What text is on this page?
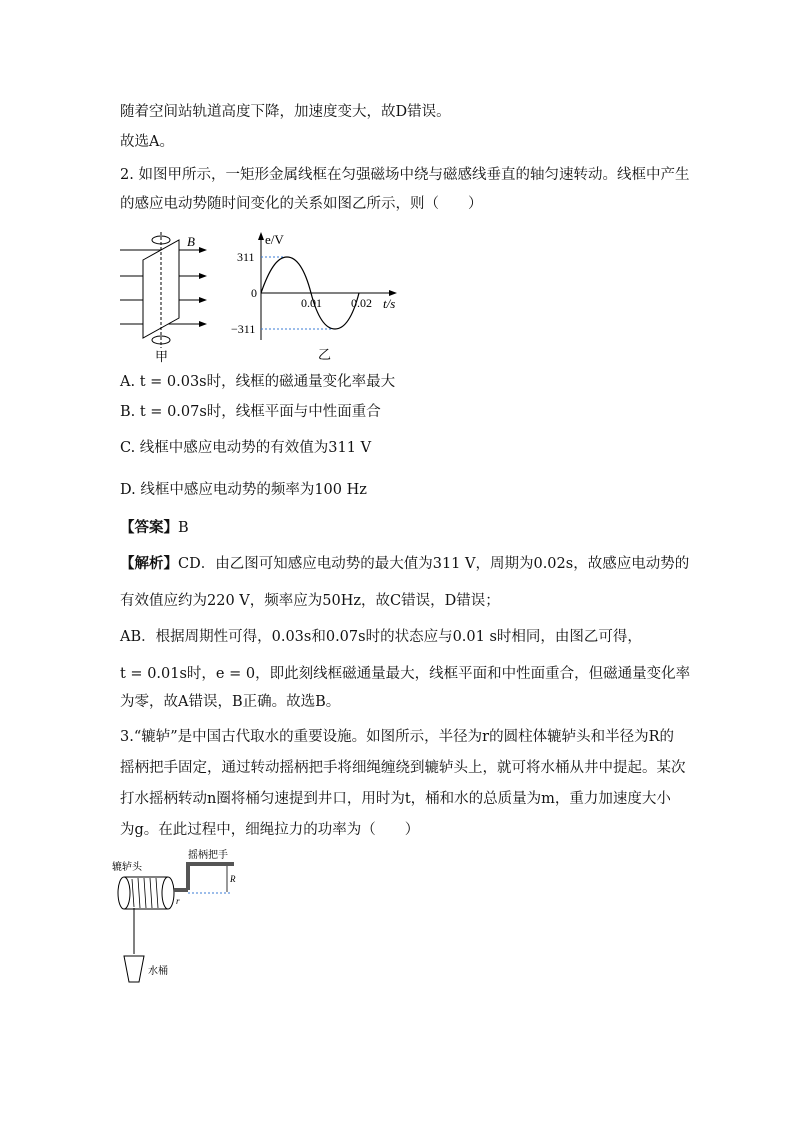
随着空间站轨道高度下降，加速度变大，故D错误。
故选A。
2. 如图甲所示，一矩形金属线框在匀强磁场中绕与磁感线垂直的轴匀速转动。线框中产生
的感应电动势随时间变化的关系如图乙所示，则（　　）
B
甲
e/V
t/s
0
311
−311
0.01 0.02
乙
A. t = 0.03s时，线框的磁通量变化率最大
B. t = 0.07s时，线框平面与中性面重合
C. 线框中感应电动势的有效值为311 V
D. 线框中感应电动势的频率为100 Hz
【答案】B
【解析】CD．由乙图可知感应电动势的最大值为311 V，周期为0.02s，故感应电动势的
有效值应约为220 V，频率应为50Hz，故C错误，D错误；
AB．根据周期性可得，0.03s和0.07s时的状态应与0.01 s时相同，由图乙可得，
t = 0.01s时，e = 0，即此刻线框磁通量最大，线框平面和中性面重合，但磁通量变化率
为零，故A错误，B正确。故选B。
3.“辘轳”是中国古代取水的重要设施。如图所示，半径为r的圆柱体辘轳头和半径为R的
摇柄把手固定，通过转动摇柄把手将细绳缠绕到辘轳头上，就可将水桶从井中提起。某次
打水摇柄转动n圈将桶匀速提到井口，用时为t，桶和水的总质量为m，重力加速度大小
为g。在此过程中，细绳拉力的功率为（　　）
辘轳头
摇柄把手
R
r
水桶
